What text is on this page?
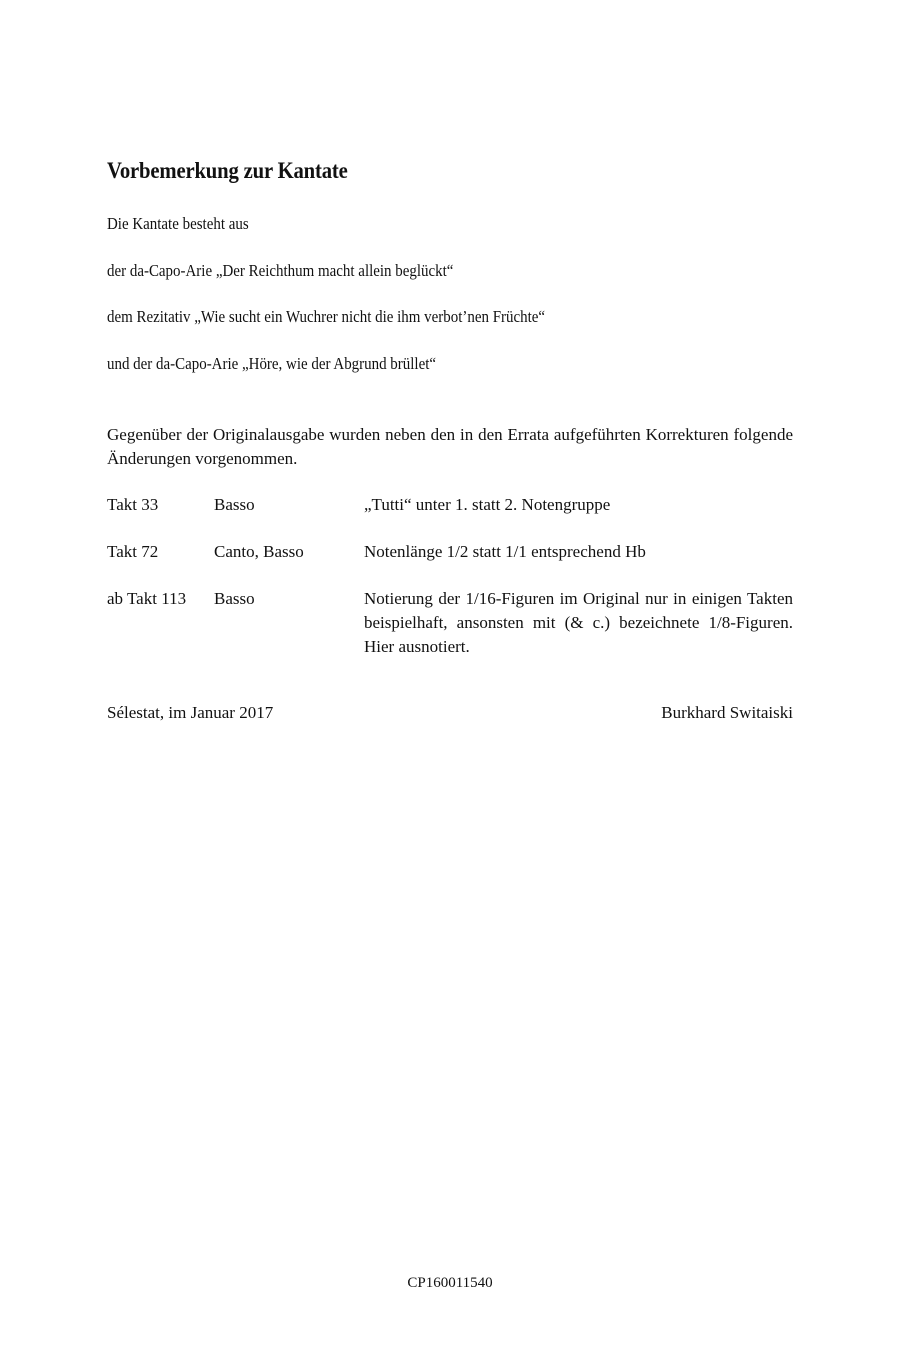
Vorbemerkung zur Kantate

Die Kantate besteht aus

der da-Capo-Arie „Der Reichthum macht allein beglückt“

dem Rezitativ „Wie sucht ein Wuchrer nicht die ihm verbot’nen Früchte“

und der da-Capo-Arie „Höre, wie der Abgrund brüllet“

Gegenüber der Originalausgabe wurden neben den in den Errata aufgeführten Korrekturen folgende Änderungen vorgenommen.

Takt 33	Basso	„Tutti“ unter 1. statt 2. Notengruppe
Takt 72	Canto, Basso	Notenlänge 1/2 statt 1/1 entsprechend Hb
ab Takt 113 Basso	Notierung der 1/16-Figuren im Original nur in einigen Takten beispielhaft, ansonsten mit (& c.) bezeichnete 1/8-Figuren. Hier ausnotiert.
Sélestat, im Januar 2017	Burkhard Switaiski
CP160011540
